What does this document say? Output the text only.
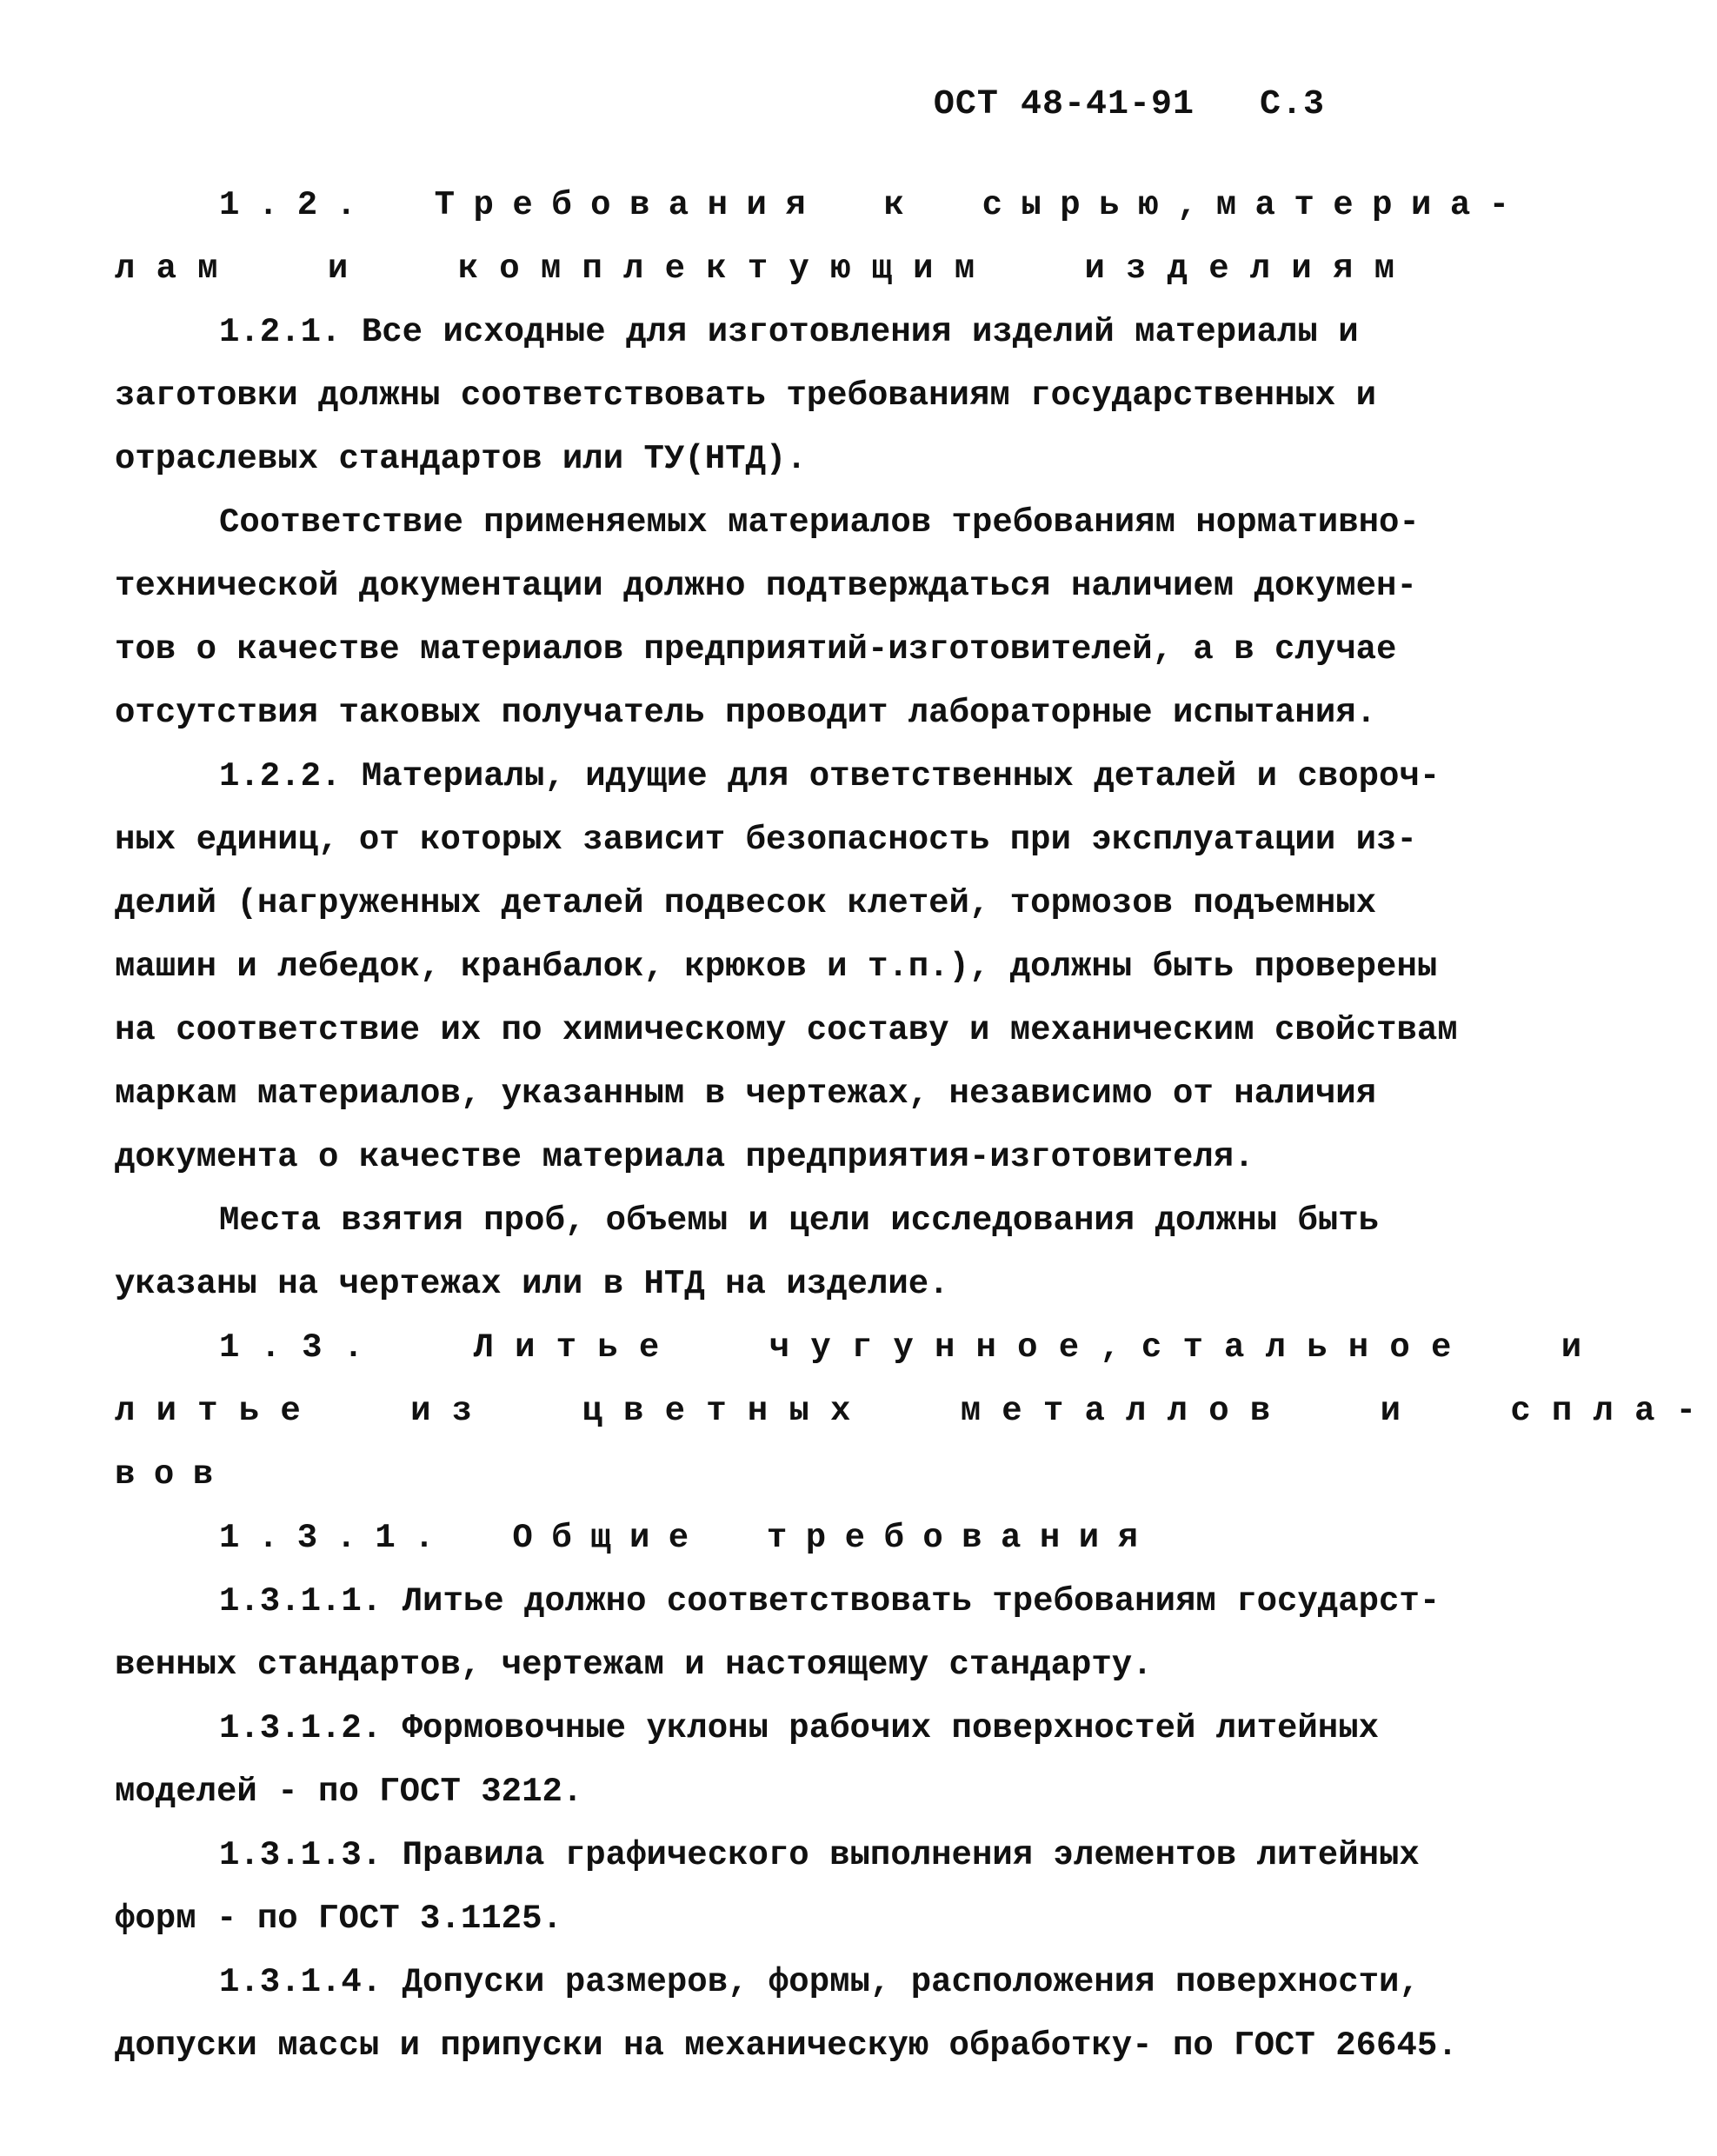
ОСТ 48-41-91 С.3
1.2. Требования к сырью,материа-
лам и комплектующим изделиям
1.2.1. Все исходные для изготовления изделий материалы и
заготовки должны соответствовать требованиям государственных и
отраслевых стандартов или ТУ(НТД).
Соответствие применяемых материалов требованиям нормативно-
технической документации должно подтверждаться наличием докумен-
тов о качестве материалов предприятий-изготовителей, а в случае
отсутствия таковых получатель проводит лабораторные испытания.
1.2.2. Материалы, идущие для ответственных деталей и свороч-
ных единиц, от которых зависит безопасность при эксплуатации из-
делий (нагруженных деталей подвесок клетей, тормозов подъемных
машин и лебедок, кранбалок, крюков и т.п.), должны быть проверены
на соответствие их по химическому составу и механическим свойствам
маркам материалов, указанным в чертежах, независимо от наличия
документа о качестве материала предприятия-изготовителя.
Места взятия проб, объемы и цели исследования должны быть
указаны на чертежах или в НТД на изделие.
1.3. Литье чугунное,стальное и
литье из цветных металлов и спла-
вов
1.3.1. Общие требования
1.3.1.1. Литье должно соответствовать требованиям государст-
венных стандартов, чертежам и настоящему стандарту.
1.3.1.2. Формовочные уклоны рабочих поверхностей литейных
моделей - по ГОСТ 3212.
1.3.1.3. Правила графического выполнения элементов литейных
форм - по ГОСТ 3.1125.
1.3.1.4. Допуски размеров, формы, расположения поверхности,
допуски массы и припуски на механическую обработку- по ГОСТ 26645.
